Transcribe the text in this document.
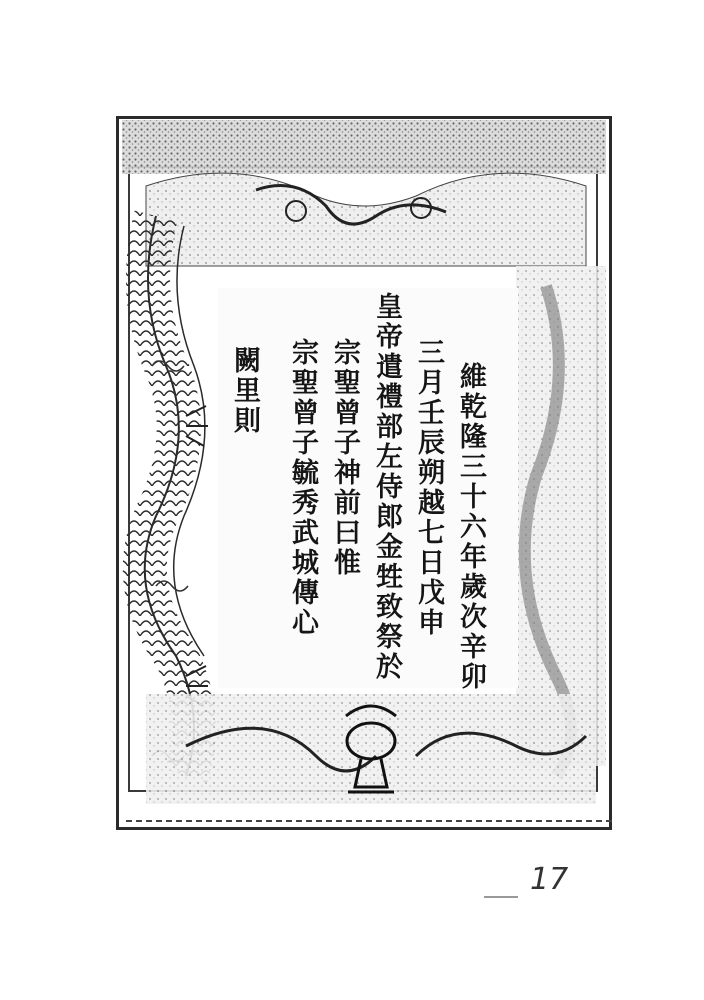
維乾隆三十六年歲次辛卯
三月壬辰朔越七日戊申
皇帝遣禮部左侍郎金甡致祭於
宗聖曾子神前曰惟
宗聖曾子毓秀武城傳心
闕里則
17
